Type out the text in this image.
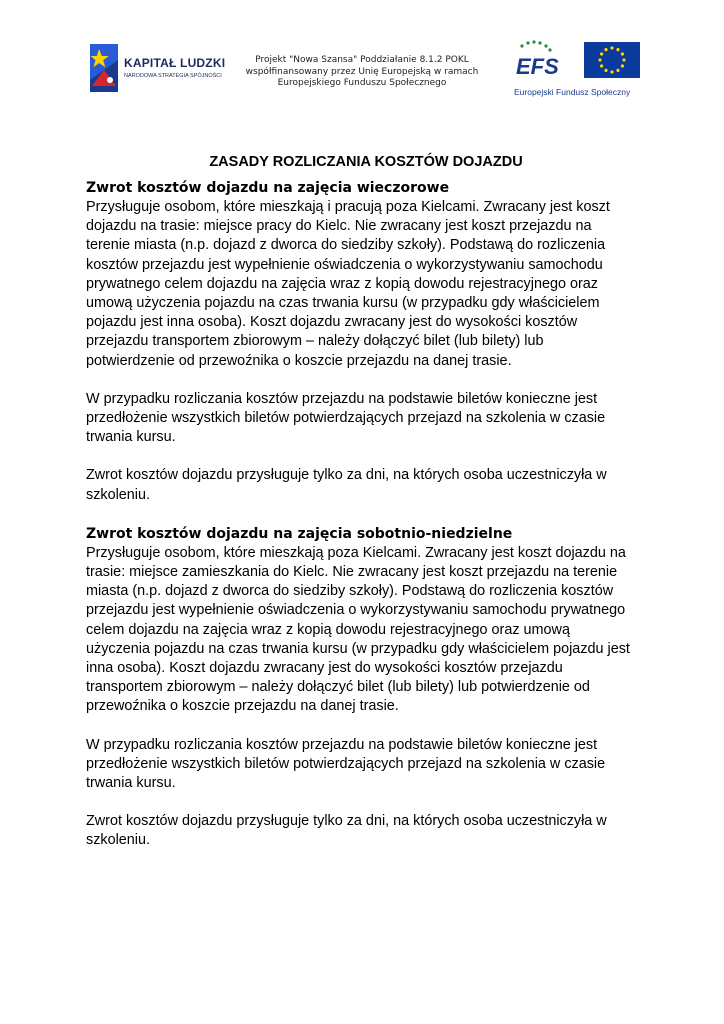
KAPITAŁ LUDZKI
NARODOWA STRATEGIA SPÓJNOŚCI
Projekt "Nowa Szansa" Poddziałanie 8.1.2 POKL
współfinansowany przez Unię Europejską w ramach
Europejskiego Funduszu Społecznego
EFS
Europejski Fundusz Społeczny
ZASADY ROZLICZANIA KOSZTÓW DOJAZDU
Zwrot kosztów dojazdu na zajęcia wieczorowe

Przysługuje osobom, które mieszkają i pracują poza Kielcami. Zwracany jest koszt
dojazdu na trasie: miejsce pracy do Kielc. Nie zwracany jest koszt przejazdu na
terenie miasta (n.p. dojazd z dworca do siedziby szkoły). Podstawą do rozliczenia
kosztów przejazdu jest wypełnienie oświadczenia o wykorzystywaniu samochodu
prywatnego celem dojazdu na zajęcia wraz z kopią dowodu rejestracyjnego oraz
umową użyczenia pojazdu na czas trwania kursu (w przypadku gdy właścicielem
pojazdu jest inna osoba). Koszt dojazdu zwracany jest do wysokości kosztów
przejazdu transportem zbiorowym – należy dołączyć bilet (lub bilety) lub
potwierdzenie od przewoźnika o koszcie przejazdu na danej trasie.

W przypadku rozliczania kosztów przejazdu na podstawie biletów konieczne jest
przedłożenie wszystkich biletów potwierdzających przejazd na szkolenia w czasie
trwania kursu.

Zwrot kosztów dojazdu przysługuje tylko za dni, na których osoba uczestniczyła w
szkoleniu.

Zwrot kosztów dojazdu na zajęcia sobotnio-niedzielne

Przysługuje osobom, które mieszkają poza Kielcami. Zwracany jest koszt dojazdu na
trasie: miejsce zamieszkania do Kielc. Nie zwracany jest koszt przejazdu na terenie
miasta (n.p. dojazd z dworca do siedziby szkoły). Podstawą do rozliczenia kosztów
przejazdu jest wypełnienie oświadczenia o wykorzystywaniu samochodu prywatnego
celem dojazdu na zajęcia wraz z kopią dowodu rejestracyjnego oraz umową
użyczenia pojazdu na czas trwania kursu (w przypadku gdy właścicielem pojazdu jest
inna osoba). Koszt dojazdu zwracany jest do wysokości kosztów przejazdu
transportem zbiorowym – należy dołączyć bilet (lub bilety) lub potwierdzenie od
przewoźnika o koszcie przejazdu na danej trasie.

W przypadku rozliczania kosztów przejazdu na podstawie biletów konieczne jest
przedłożenie wszystkich biletów potwierdzających przejazd na szkolenia w czasie
trwania kursu.

Zwrot kosztów dojazdu przysługuje tylko za dni, na których osoba uczestniczyła w
szkoleniu.
